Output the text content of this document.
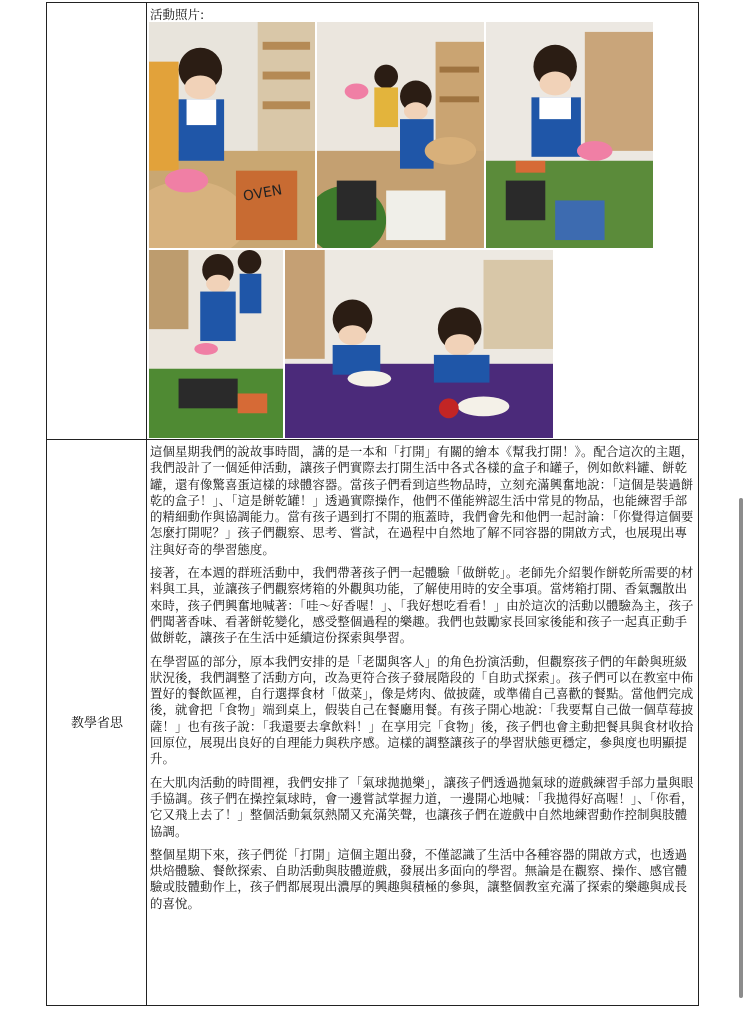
活動照片:
OVEN
教學省思

這個星期我們的說故事時間，講的是一本和「打開」有關的繪本《幫我打開！》。配合這次的主題，我們設計了一個延伸活動，讓孩子們實際去打開生活中各式各樣的盒子和罐子，例如飲料罐、餅乾罐，還有像驚喜蛋這樣的球體容器。當孩子們看到這些物品時，立刻充滿興奮地說：「這個是裝過餅乾的盒子！」、「這是餅乾罐！」透過實際操作，他們不僅能辨認生活中常見的物品，也能練習手部的精細動作與協調能力。當有孩子遇到打不開的瓶蓋時，我們會先和他們一起討論：「你覺得這個要怎麼打開呢？」孩子們觀察、思考、嘗試，在過程中自然地了解不同容器的開啟方式，也展現出專注與好奇的學習態度。

接著，在本週的群班活動中，我們帶著孩子們一起體驗「做餅乾」。老師先介紹製作餅乾所需要的材料與工具，並讓孩子們觀察烤箱的外觀與功能，了解使用時的安全事項。當烤箱打開、香氣飄散出來時，孩子們興奮地喊著：「哇～好香喔！」、「我好想吃看看！」由於這次的活動以體驗為主，孩子們聞著香味、看著餅乾變化，感受整個過程的樂趣。我們也鼓勵家長回家後能和孩子一起真正動手做餅乾，讓孩子在生活中延續這份探索與學習。

在學習區的部分，原本我們安排的是「老闆與客人」的角色扮演活動，但觀察孩子們的年齡與班級狀況後，我們調整了活動方向，改為更符合孩子發展階段的「自助式探索」。孩子們可以在教室中佈置好的餐飲區裡，自行選擇食材「做菜」，像是烤肉、做披薩，或準備自己喜歡的餐點。當他們完成後，就會把「食物」端到桌上，假裝自己在餐廳用餐。有孩子開心地說：「我要幫自己做一個草莓披薩！」也有孩子說：「我還要去拿飲料！」在享用完「食物」後，孩子們也會主動把餐具與食材收拾回原位，展現出良好的自理能力與秩序感。這樣的調整讓孩子的學習狀態更穩定，參與度也明顯提升。

在大肌肉活動的時間裡，我們安排了「氣球拋拋樂」，讓孩子們透過拋氣球的遊戲練習手部力量與眼手協調。孩子們在操控氣球時，會一邊嘗試掌握力道，一邊開心地喊：「我拋得好高喔！」、「你看，它又飛上去了！」整個活動氣氛熱鬧又充滿笑聲，也讓孩子們在遊戲中自然地練習動作控制與肢體協調。

整個星期下來，孩子們從「打開」這個主題出發，不僅認識了生活中各種容器的開啟方式，也透過烘焙體驗、餐飲探索、自助活動與肢體遊戲，發展出多面向的學習。無論是在觀察、操作、感官體驗或肢體動作上，孩子們都展現出濃厚的興趣與積極的參與，讓整個教室充滿了探索的樂趣與成長的喜悅。
